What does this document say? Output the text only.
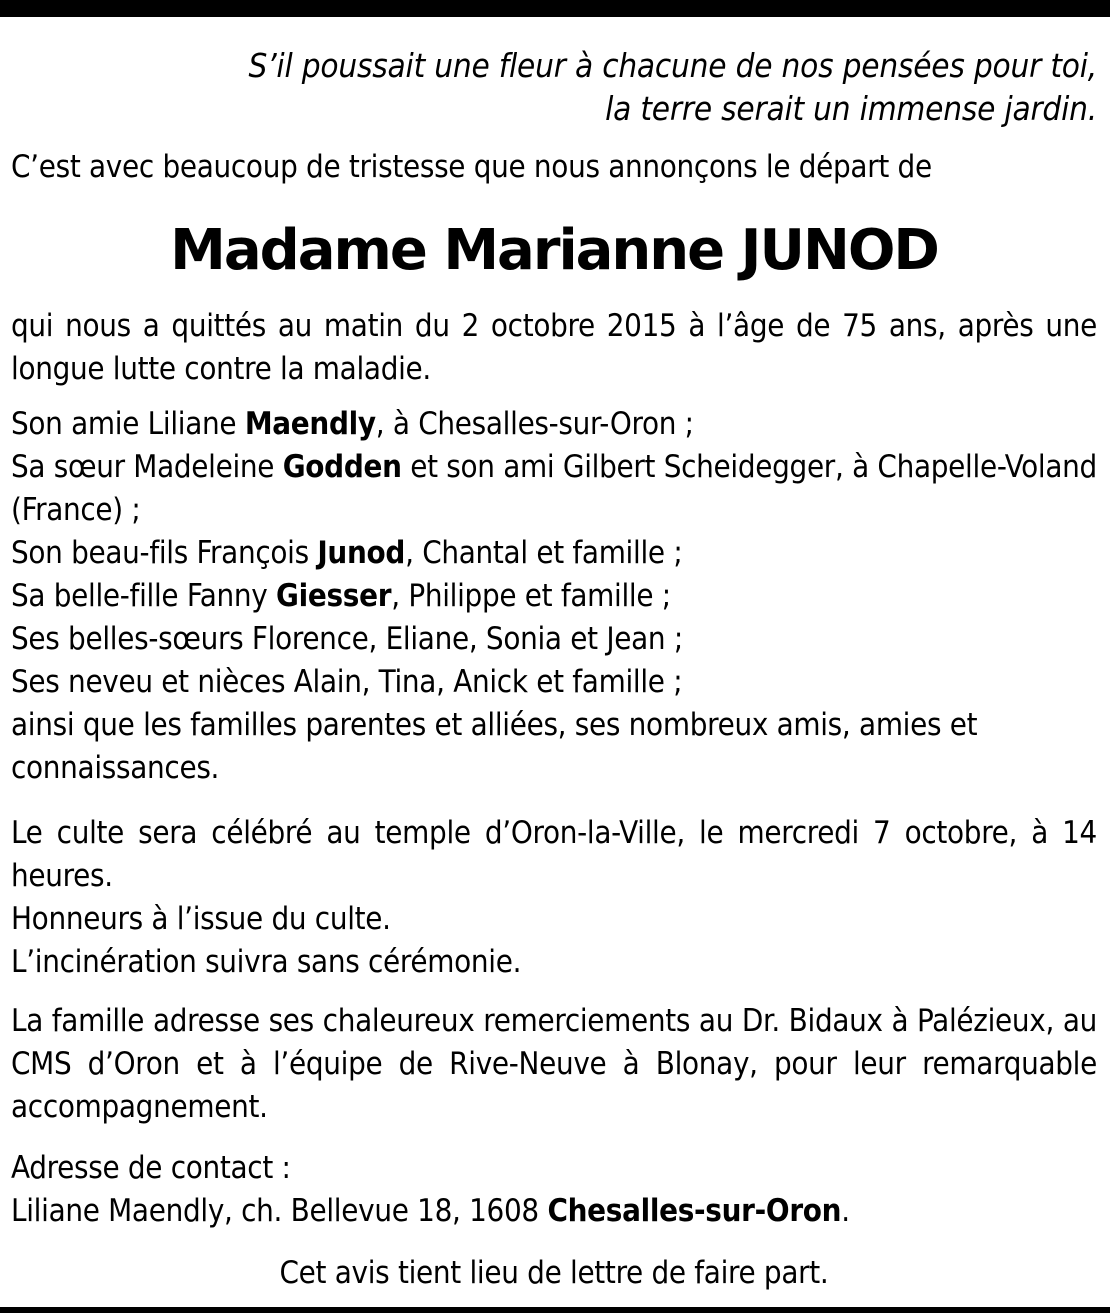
S’il poussait une fleur à chacune de nos pensées pour toi,
la terre serait un immense jardin.
C’est avec beaucoup de tristesse que nous annonçons le départ de
Madame Marianne JUNOD
qui nous a quittés au matin du 2 octobre 2015 à l’âge de 75 ans, après une longue lutte contre la maladie.
Son amie Liliane Maendly, à Chesalles-sur-Oron ;
Sa sœur Madeleine Godden et son ami Gilbert Scheidegger, à Chapelle-Voland (France) ;
Son beau-fils François Junod, Chantal et famille ;
Sa belle-fille Fanny Giesser, Philippe et famille ;
Ses belles-sœurs Florence, Eliane, Sonia et Jean ;
Ses neveu et nièces Alain, Tina, Anick et famille ;
ainsi que les familles parentes et alliées, ses nombreux amis, amies et connaissances.
Le culte sera célébré au temple d’Oron-la-Ville, le mercredi 7 octobre, à 14 heures.
Honneurs à l’issue du culte.
L’incinération suivra sans cérémonie.
La famille adresse ses chaleureux remerciements au Dr. Bidaux à Palézieux, au CMS d’Oron et à l’équipe de Rive-Neuve à Blonay, pour leur remarquable accompagnement.
Adresse de contact :
Liliane Maendly, ch. Bellevue 18, 1608 Chesalles-sur-Oron.
Cet avis tient lieu de lettre de faire part.
